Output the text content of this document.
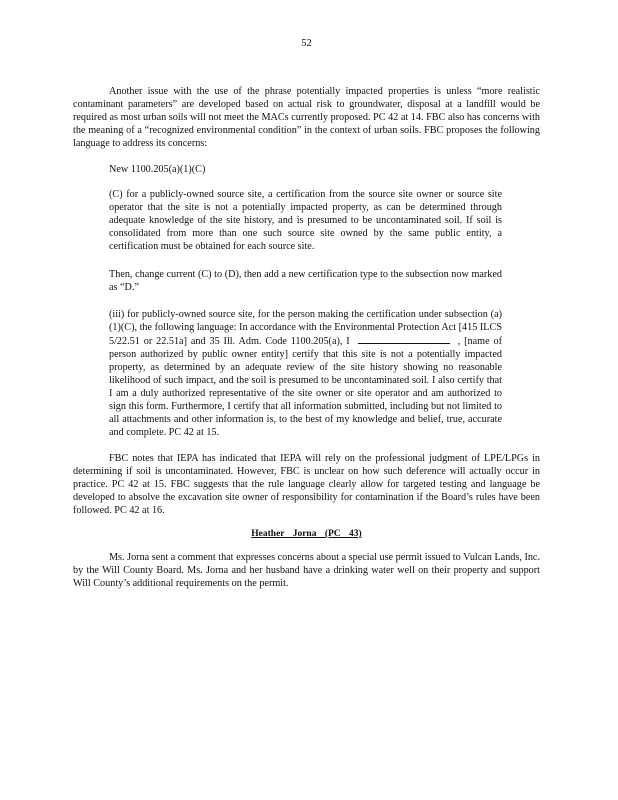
52

Another issue with the use of the phrase potentially impacted properties is unless “more realistic contaminant parameters” are developed based on actual risk to groundwater, disposal at a landfill would be required as most urban soils will not meet the MACs currently proposed. PC 42 at 14. FBC also has concerns with the meaning of a “recognized environmental condition” in the context of urban soils. FBC proposes the following language to address its concerns:

New 1100.205(a)(1)(C)

(C) for a publicly-owned source site, a certification from the source site owner or source site operator that the site is not a potentially impacted property, as can be determined through adequate knowledge of the site history, and is presumed to be uncontaminated soil. If soil is consolidated from more than one such source site owned by the same public entity, a certification must be obtained for each source site.

Then, change current (C) to (D), then add a new certification type to the subsection now marked as “D.”

(iii) for publicly-owned source site, for the person making the certification under subsection (a)(1)(C), the following language: In accordance with the Environmental Protection Act [415 ILCS 5/22.51 or 22.51a] and 35 Ill. Adm. Code 1100.205(a), I	, [name of person authorized by public owner entity] certify that this site is not a potentially impacted property, as determined by an adequate review of the site history showing no reasonable likelihood of such impact, and the soil is presumed to be uncontaminated soil. I also certify that I am a duly authorized representative of the site owner or site operator and am authorized to sign this form. Furthermore, I certify that all information submitted, including but not limited to all attachments and other information is, to the best of my knowledge and belief, true, accurate and complete. PC 42 at 15.

FBC notes that IEPA has indicated that IEPA will rely on the professional judgment of LPE/LPGs in determining if soil is uncontaminated. However, FBC is unclear on how such deference will actually occur in practice. PC 42 at 15. FBC suggests that the rule language clearly allow for targeted testing and language be developed to absolve the excavation site owner of responsibility for contamination if the Board’s rules have been followed. PC 42 at 16.

Heather Jorna (PC 43)

Ms. Jorna sent a comment that expresses concerns about a special use permit issued to Vulcan Lands, Inc. by the Will County Board. Ms. Jorna and her husband have a drinking water well on their property and support Will County’s additional requirements on the permit.
